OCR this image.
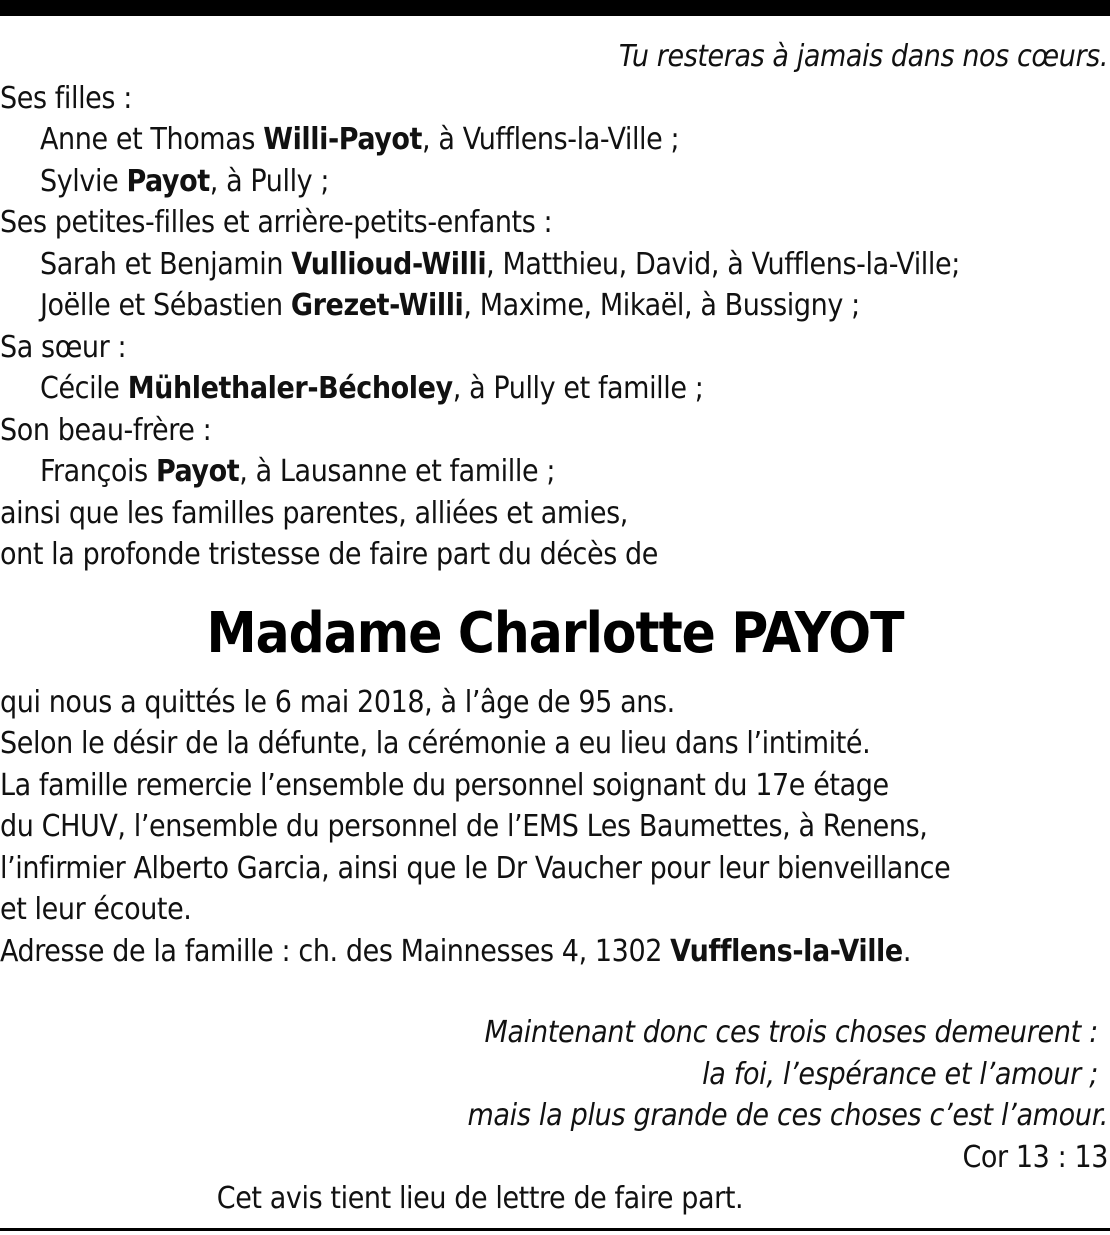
Tu resteras à jamais dans nos cœurs.
Ses filles :
Anne et Thomas Willi-Payot, à Vufflens-la-Ville ;
Sylvie Payot, à Pully ;
Ses petites-filles et arrière-petits-enfants :
Sarah et Benjamin Vullioud-Willi, Matthieu, David, à Vufflens-la-Ville;
Joëlle et Sébastien Grezet-Willi, Maxime, Mikaël, à Bussigny ;
Sa sœur :
Cécile Mühlethaler-Bécholey, à Pully et famille ;
Son beau-frère :
François Payot, à Lausanne et famille ;
ainsi que les familles parentes, alliées et amies,
ont la profonde tristesse de faire part du décès de
Madame Charlotte PAYOT
qui nous a quittés le 6 mai 2018, à l’âge de 95 ans.
Selon le désir de la défunte, la cérémonie a eu lieu dans l’intimité.
La famille remercie l’ensemble du personnel soignant du 17e étage
du CHUV, l’ensemble du personnel de l’EMS Les Baumettes, à Renens,
l’infirmier Alberto Garcia, ainsi que le Dr Vaucher pour leur bienveillance
et leur écoute.
Adresse de la famille : ch. des Mainnesses 4, 1302 Vufflens-la-Ville.
Maintenant donc ces trois choses demeurent :
la foi, l’espérance et l’amour ;
mais la plus grande de ces choses c’est l’amour.
Cor 13 : 13
Cet avis tient lieu de lettre de faire part.
